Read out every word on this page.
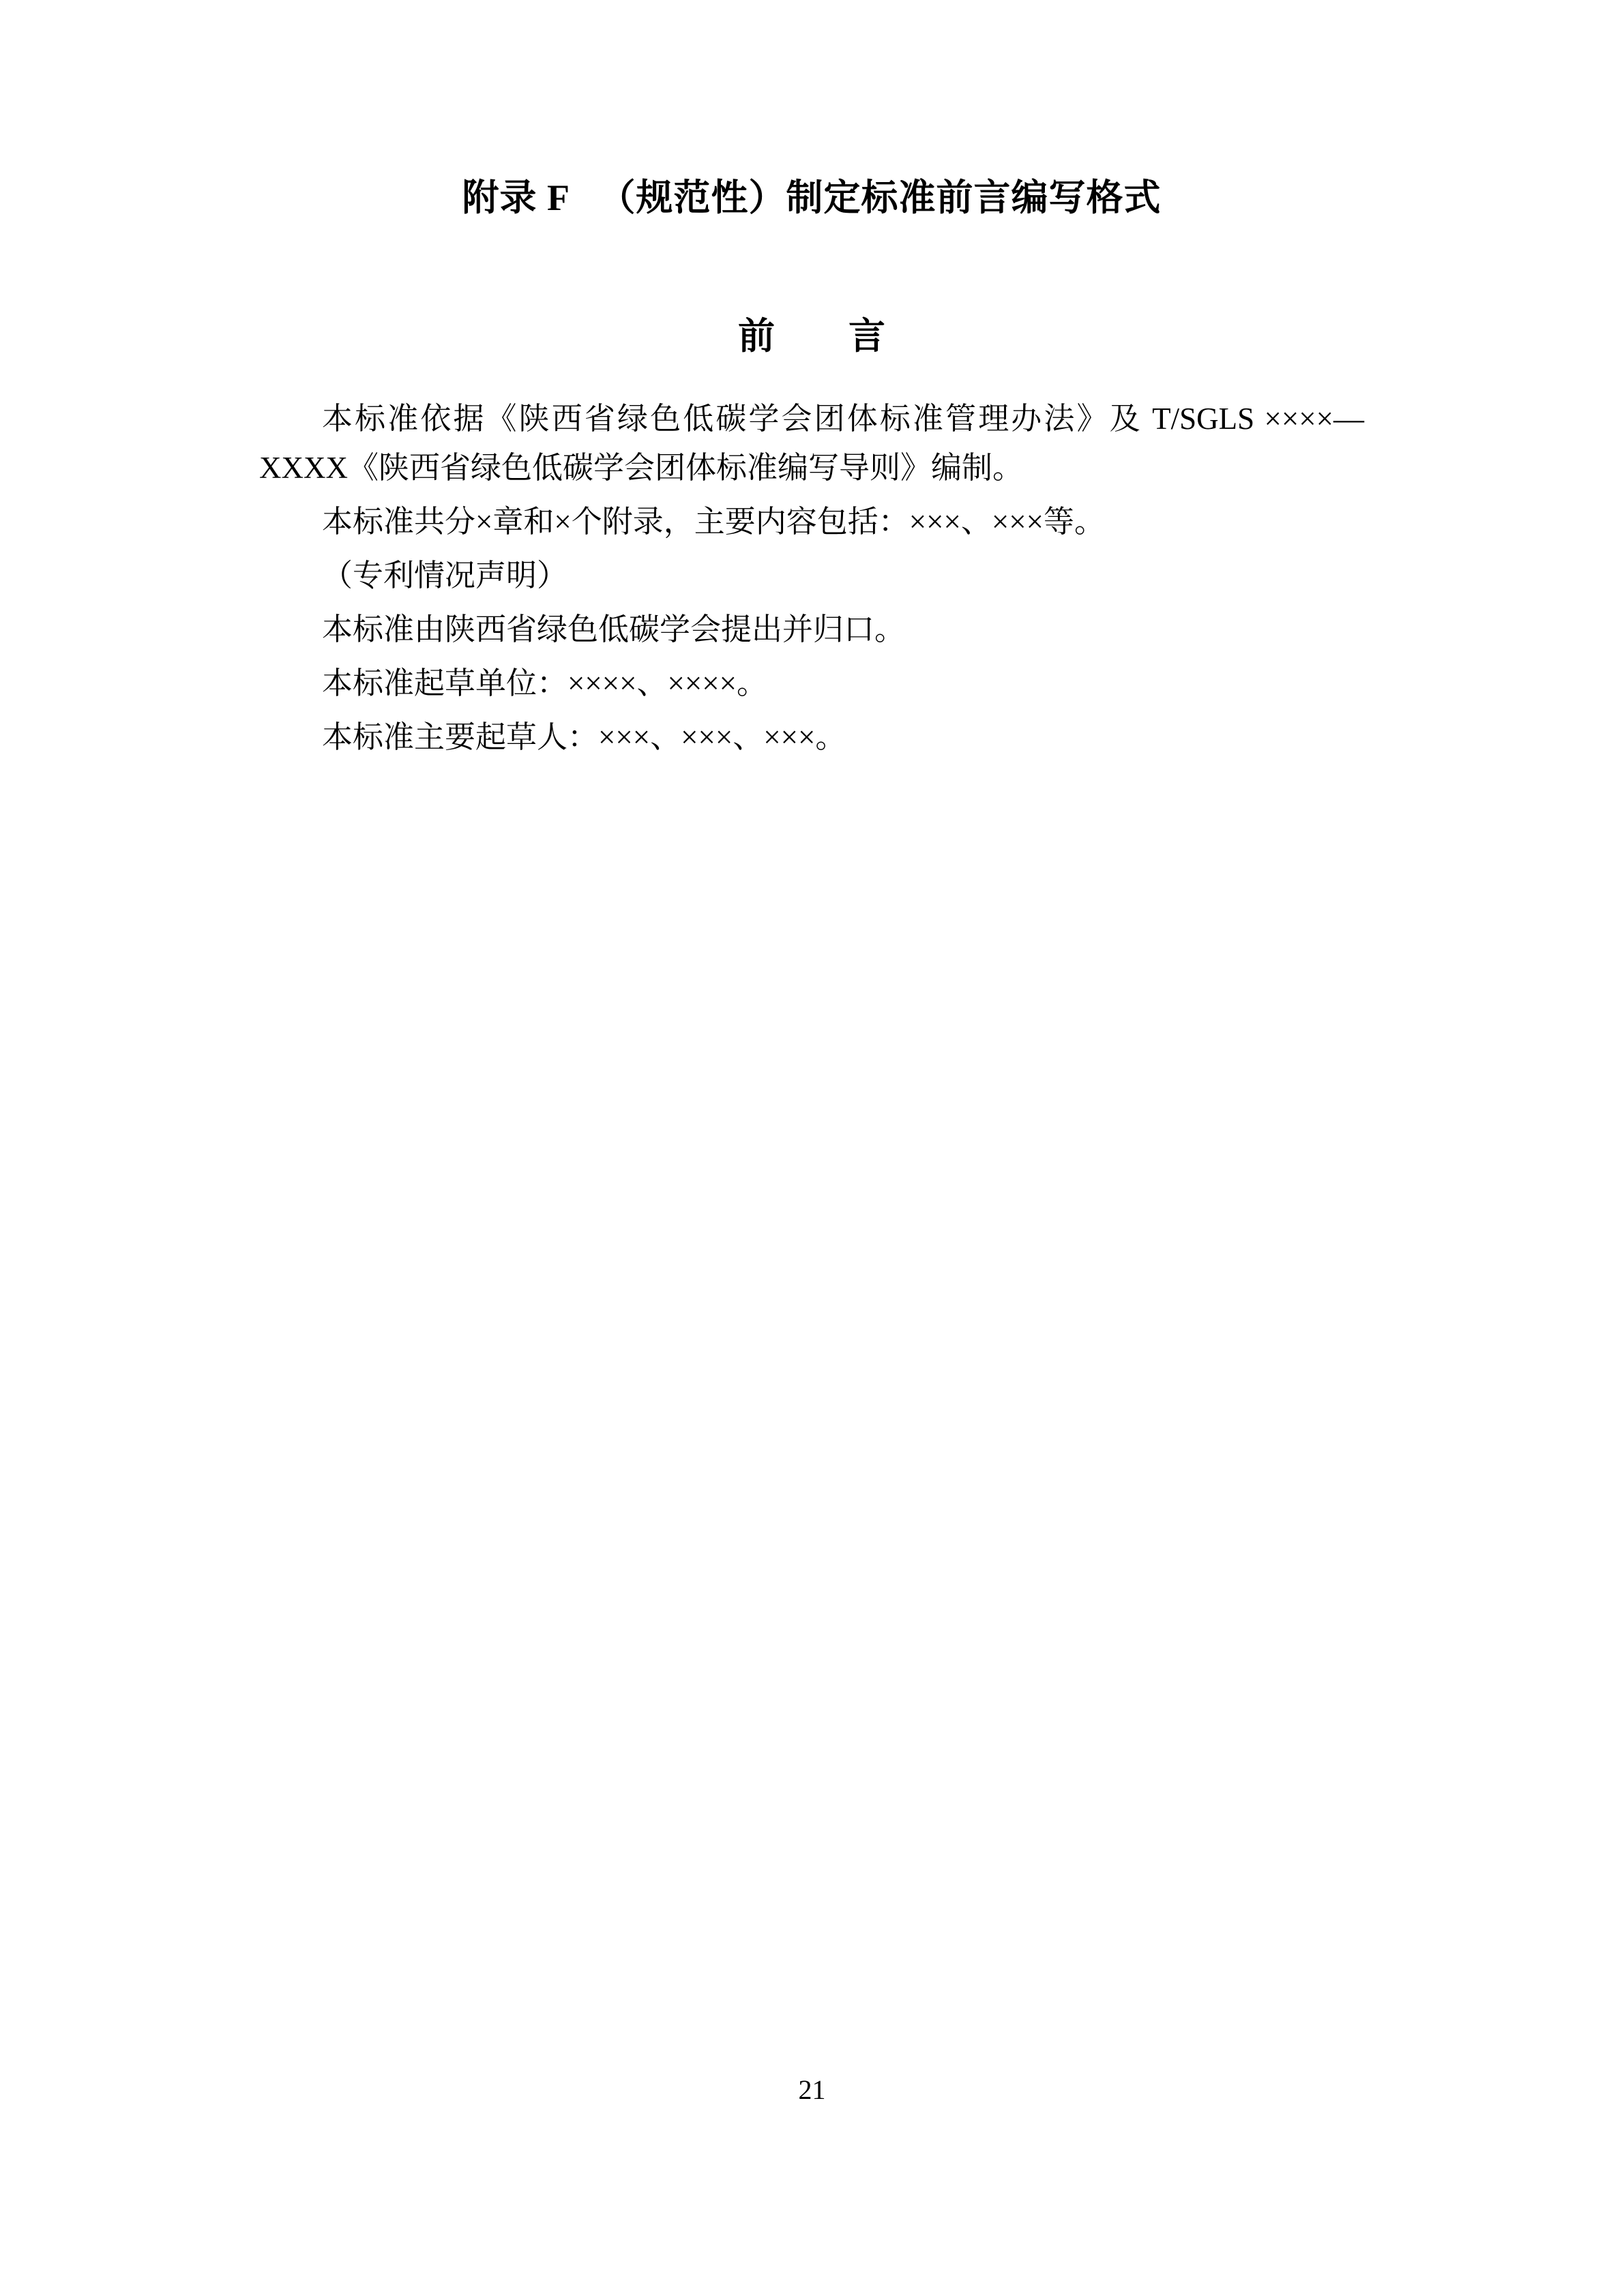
附录 F   （规范性）制定标准前言编写格式
前　　言

本标准依据《陕西省绿色低碳学会团体标准管理办法》及 T/SGLS ××××—XXXX《陕西省绿色低碳学会团体标准编写导则》编制。

本标准共分×章和×个附录，主要内容包括：×××、×××等。

（专利情况声明）

本标准由陕西省绿色低碳学会提出并归口。

本标准起草单位：××××、××××。

本标准主要起草人：×××、×××、×××。

21
